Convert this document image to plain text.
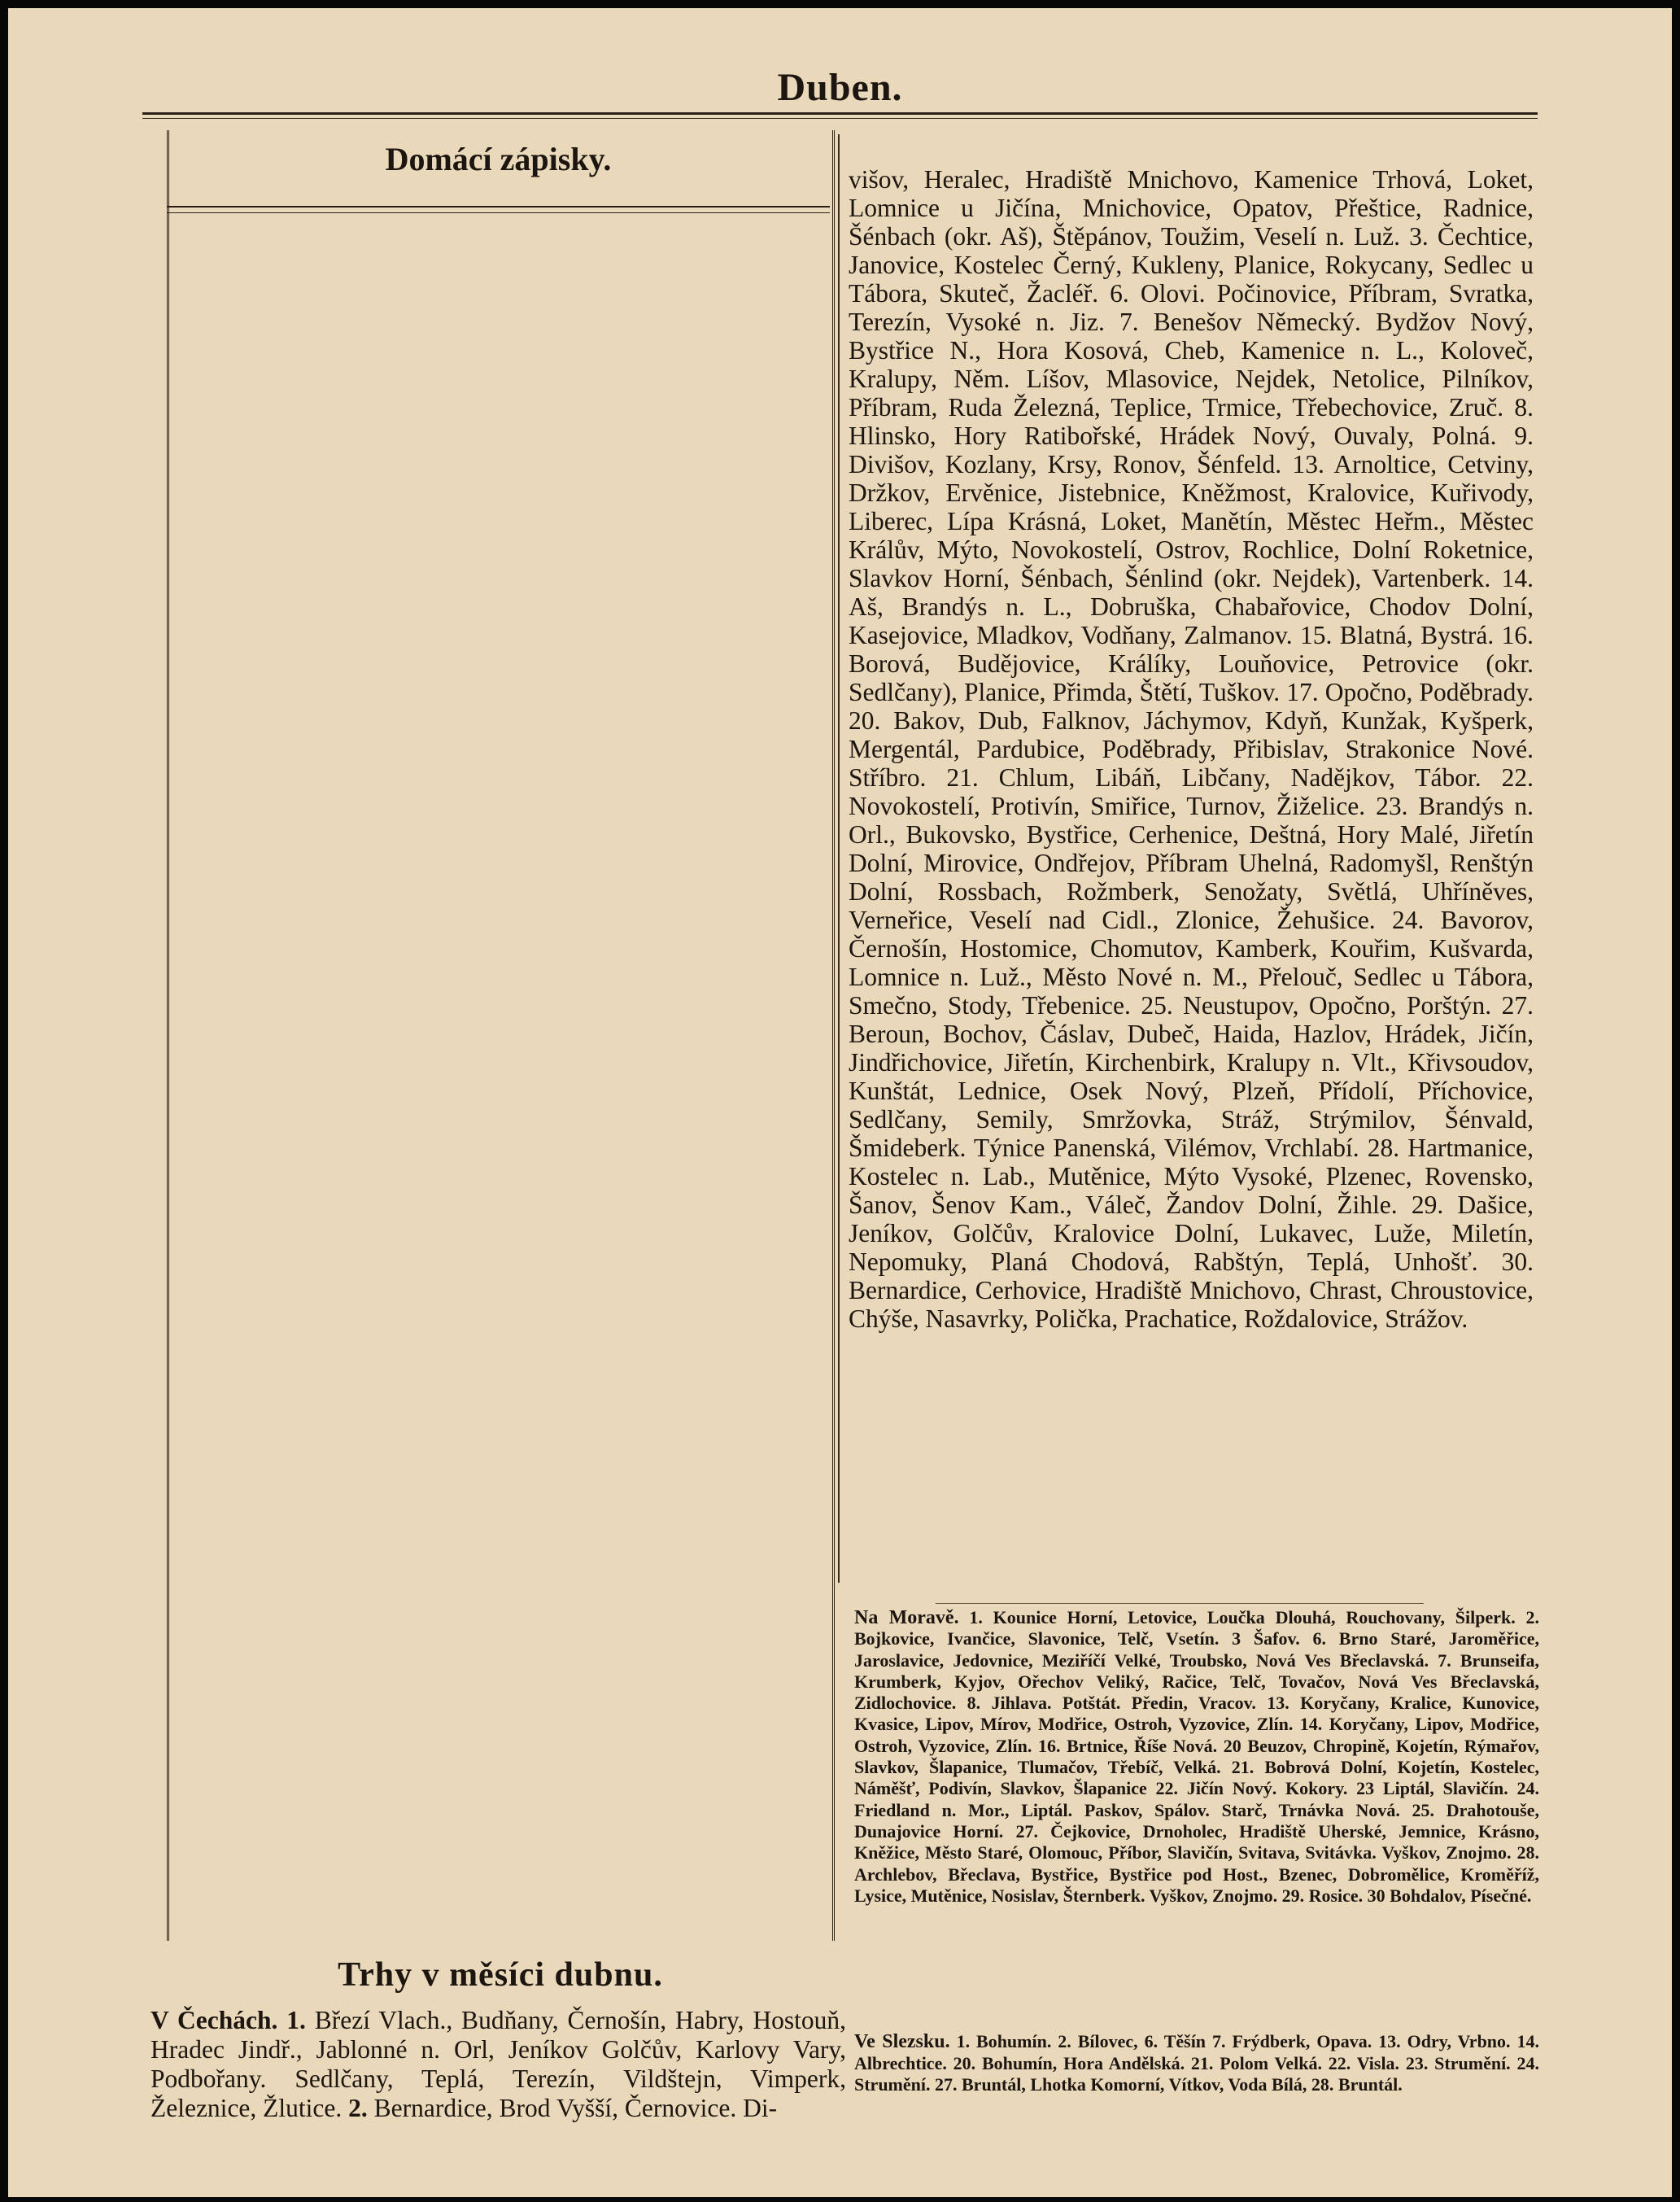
Duben.
Domácí zápisky.
Trhy v měsíci dubnu.
V Čechách. 1. Březí Vlach., Budňany, Černošín, Habry, Hostouň, Hradec Jindř., Jablonné n. Orl, Jeníkov Golčův, Karlovy Vary, Podbořany. Sedlčany, Teplá, Terezín, Vildštejn, Vimperk, Železnice, Žlutice. 2. Bernardice, Brod Vyšší, Černovice. Di-
višov, Heralec, Hradiště Mnichovo, Kamenice Trhová, Loket, Lomnice u Jičína, Mnichovice, Opatov, Přeštice, Radnice, Šénbach (okr. Aš), Štěpánov, Toužim, Veselí n. Luž. 3. Čechtice, Janovice, Kostelec Černý, Kukleny, Planice, Rokycany, Sedlec u Tábora, Skuteč, Žacléř. 6. Olovi. Počinovice, Příbram, Svratka, Terezín, Vysoké n. Jiz. 7. Benešov Německý. Bydžov Nový, Bystřice N., Hora Kosová, Cheb, Kamenice n. L., Koloveč, Kralupy, Něm. Líšov, Mlasovice, Nejdek, Netolice, Pilníkov, Příbram, Ruda Železná, Teplice, Trmice, Třebechovice, Zruč. 8. Hlinsko, Hory Ratibořské, Hrádek Nový, Ouvaly, Polná. 9. Divišov, Kozlany, Krsy, Ronov, Šénfeld. 13. Arnoltice, Cetviny, Držkov, Ervěnice, Jistebnice, Kněžmost, Kralovice, Kuřivody, Liberec, Lípa Krásná, Loket, Manětín, Městec Heřm., Městec Králův, Mýto, Novokostelí, Ostrov, Rochlice, Dolní Roketnice, Slavkov Horní, Šénbach, Šénlind (okr. Nejdek), Vartenberk. 14. Aš, Brandýs n. L., Dobruška, Chabařovice, Chodov Dolní, Kasejovice, Mladkov, Vodňany, Zalmanov. 15. Blatná, Bystrá. 16. Borová, Budějovice, Králíky, Louňovice, Petrovice (okr. Sedlčany), Planice, Přimda, Štětí, Tuškov. 17. Opočno, Poděbrady. 20. Bakov, Dub, Falknov, Jáchymov, Kdyň, Kunžak, Kyšperk, Mergentál, Pardubice, Poděbrady, Přibislav, Strakonice Nové. Stříbro. 21. Chlum, Libáň, Libčany, Nadějkov, Tábor. 22. Novokostelí, Protivín, Smiřice, Turnov, Žiželice. 23. Brandýs n. Orl., Bukovsko, Bystřice, Cerhenice, Deštná, Hory Malé, Jiřetín Dolní, Mirovice, Ondřejov, Příbram Uhelná, Radomyšl, Renštýn Dolní, Rossbach, Rožmberk, Senožaty, Světlá, Uhříněves, Verneřice, Veselí nad Cidl., Zlonice, Žehušice. 24. Bavorov, Černošín, Hostomice, Chomutov, Kamberk, Kouřim, Kušvarda, Lomnice n. Luž., Město Nové n. M., Přelouč, Sedlec u Tábora, Smečno, Stody, Třebenice. 25. Neustupov, Opočno, Porštýn. 27. Beroun, Bochov, Čáslav, Dubeč, Haida, Hazlov, Hrádek, Jičín, Jindřichovice, Jiřetín, Kirchenbirk, Kralupy n. Vlt., Křivsoudov, Kunštát, Lednice, Osek Nový, Plzeň, Přídolí, Příchovice, Sedlčany, Semily, Smržovka, Stráž, Strýmilov, Šénvald, Šmideberk. Týnice Panenská, Vilémov, Vrchlabí. 28. Hartmanice, Kostelec n. Lab., Mutěnice, Mýto Vysoké, Plzenec, Rovensko, Šanov, Šenov Kam., Váleč, Žandov Dolní, Žihle. 29. Dašice, Jeníkov, Golčův, Kralovice Dolní, Lukavec, Luže, Miletín, Nepomuky, Planá Chodová, Rabštýn, Teplá, Unhošť. 30. Bernardice, Cerhovice, Hradiště Mnichovo, Chrast, Chroustovice, Chýše, Nasavrky, Polička, Prachatice, Roždalovice, Strážov.
Na Moravě. 1. Kounice Horní, Letovice, Loučka Dlouhá, Rouchovany, Šilperk. 2. Bojkovice, Ivančice, Slavonice, Telč, Vsetín. 3 Šafov. 6. Brno Staré, Jaroměřice, Jaroslavice, Jedovnice, Meziříčí Velké, Troubsko, Nová Ves Břeclavská. 7. Brunseifa, Krumberk, Kyjov, Ořechov Veliký, Račice, Telč, Tovačov, Nová Ves Břeclavská, Zidlochovice. 8. Jihlava. Potštát. Předin, Vracov. 13. Koryčany, Kralice, Kunovice, Kvasice, Lipov, Mírov, Modřice, Ostroh, Vyzovice, Zlín. 14. Koryčany, Lipov, Modřice, Ostroh, Vyzovice, Zlín. 16. Brtnice, Říše Nová. 20 Beuzov, Chropině, Kojetín, Rýmařov, Slavkov, Šlapanice, Tlumačov, Třebíč, Velká. 21. Bobrová Dolní, Kojetín, Kostelec, Náměšť, Podivín, Slavkov, Šlapanice 22. Jičín Nový. Kokory. 23 Liptál, Slavičín. 24. Friedland n. Mor., Liptál. Paskov, Spálov. Starč, Trnávka Nová. 25. Drahotouše, Dunajovice Horní. 27. Čejkovice, Drnoholec, Hradiště Uherské, Jemnice, Krásno, Kněžice, Město Staré, Olomouc, Příbor, Slavičín, Svitava, Svitávka. Vyškov, Znojmo. 28. Archlebov, Břeclava, Bystřice, Bystřice pod Host., Bzenec, Dobromělice, Kroměříž, Lysice, Mutěnice, Nosislav, Šternberk. Vyškov, Znojmo. 29. Rosice. 30 Bohdalov, Písečné.
Ve Slezsku. 1. Bohumín. 2. Bílovec, 6. Těšín 7. Frýdberk, Opava. 13. Odry, Vrbno. 14. Albrechtice. 20. Bohumín, Hora Andělská. 21. Polom Velká. 22. Visla. 23. Strumění. 24. Strumění. 27. Bruntál, Lhotka Komorní, Vítkov, Voda Bílá, 28. Bruntál.
